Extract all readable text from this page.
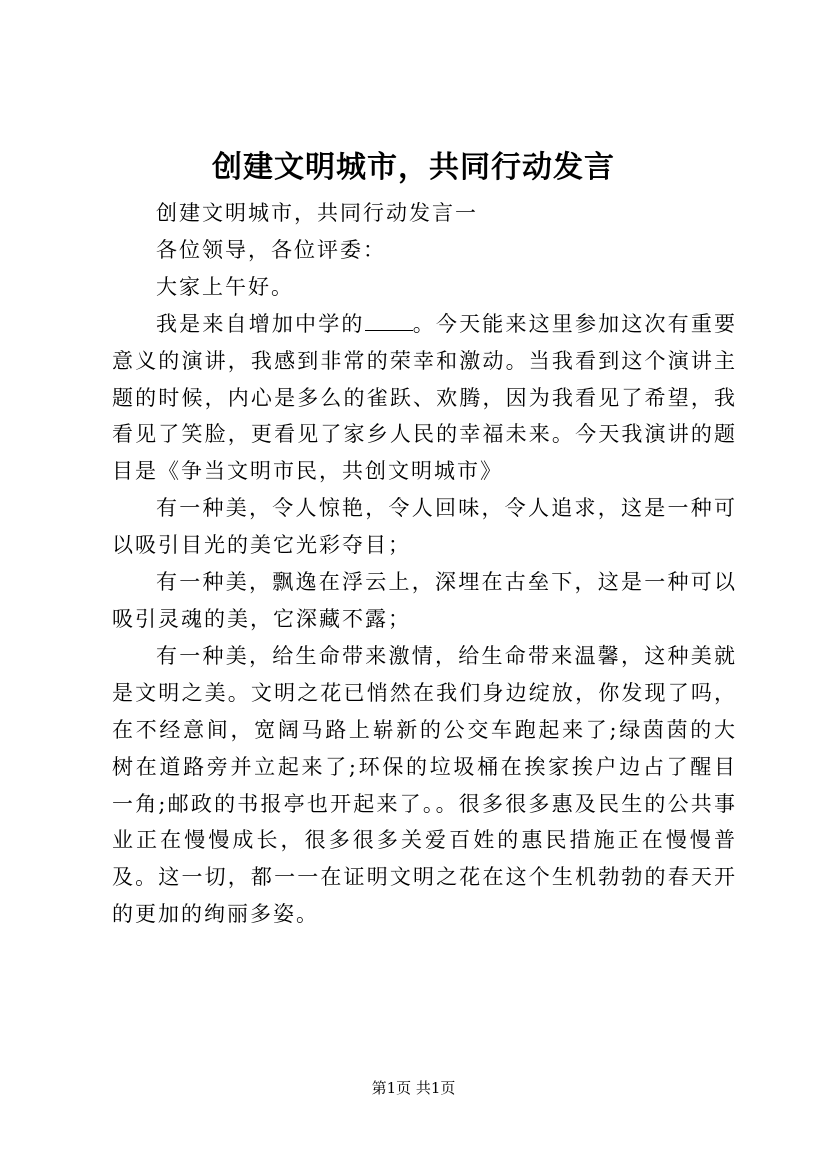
创建文明城市，共同行动发言

创建文明城市，共同行动发言一

各位领导，各位评委：

大家上午好。

我是来自增加中学的 。今天能来这里参加这次有重要意义的演讲，我感到非常的荣幸和激动。当我看到这个演讲主题的时候，内心是多么的雀跃、欢腾，因为我看见了希望，我看见了笑脸，更看见了家乡人民的幸福未来。今天我演讲的题目是《争当文明市民，共创文明城市》

有一种美，令人惊艳，令人回味，令人追求，这是一种可以吸引目光的美它光彩夺目；

有一种美，飘逸在浮云上，深埋在古垒下，这是一种可以吸引灵魂的美，它深藏不露；

有一种美，给生命带来激情，给生命带来温馨，这种美就是文明之美。文明之花已悄然在我们身边绽放，你发现了吗，在不经意间，宽阔马路上崭新的公交车跑起来了;绿茵茵的大树在道路旁并立起来了;环保的垃圾桶在挨家挨户边占了醒目一角;邮政的书报亭也开起来了。。很多很多惠及民生的公共事业正在慢慢成长，很多很多关爱百姓的惠民措施正在慢慢普及。这一切，都一一在证明文明之花在这个生机勃勃的春天开的更加的绚丽多姿。

第1页 共1页
